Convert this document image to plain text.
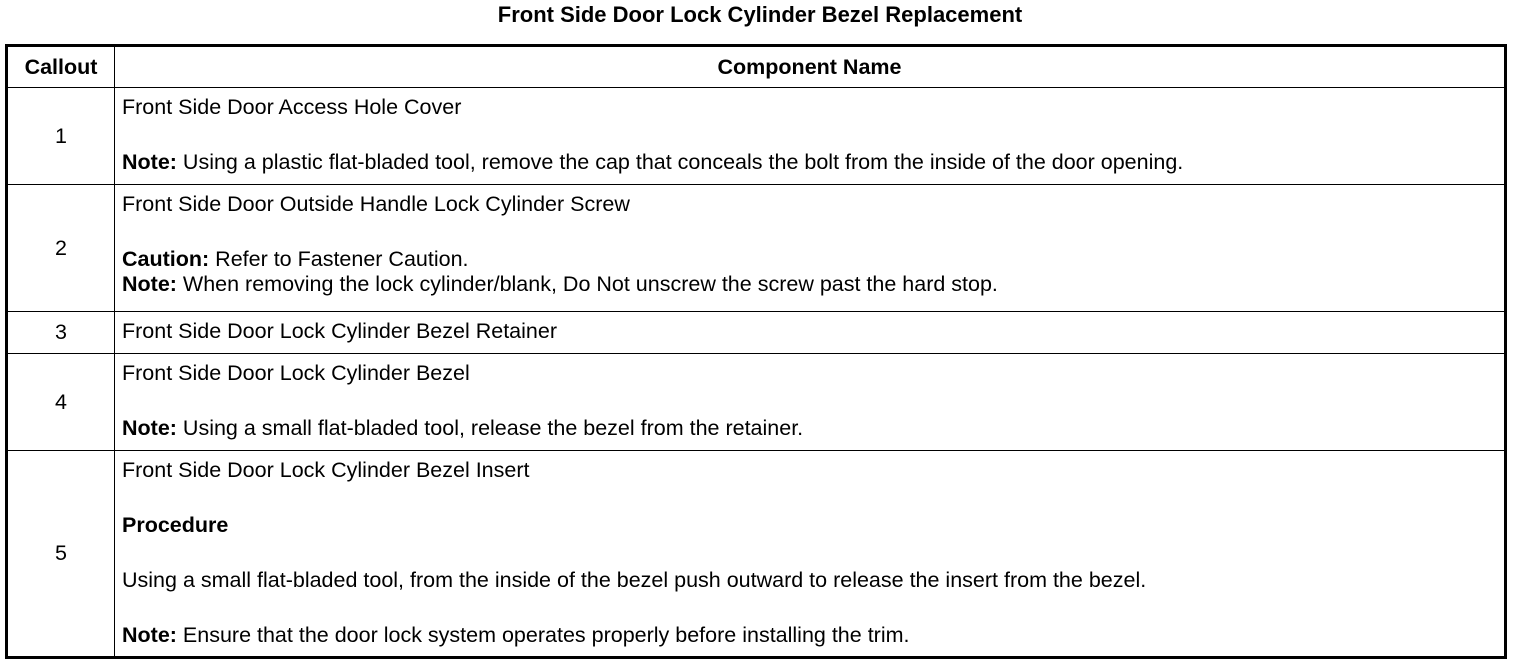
Front Side Door Lock Cylinder Bezel Replacement
Callout	Component Name
1	Front Side Door Access Hole Cover
Note: Using a plastic flat-bladed tool, remove the cap that conceals the bolt from the inside of the door opening.

2	Front Side Door Outside Handle Lock Cylinder Screw
Caution: Refer to Fastener Caution.
Note: When removing the lock cylinder/blank, Do Not unscrew the screw past the hard stop.

3	Front Side Door Lock Cylinder Bezel Retainer

4	Front Side Door Lock Cylinder Bezel
Note: Using a small flat-bladed tool, release the bezel from the retainer.

5	Front Side Door Lock Cylinder Bezel Insert
Procedure
Using a small flat-bladed tool, from the inside of the bezel push outward to release the insert from the bezel.
Note: Ensure that the door lock system operates properly before installing the trim.
